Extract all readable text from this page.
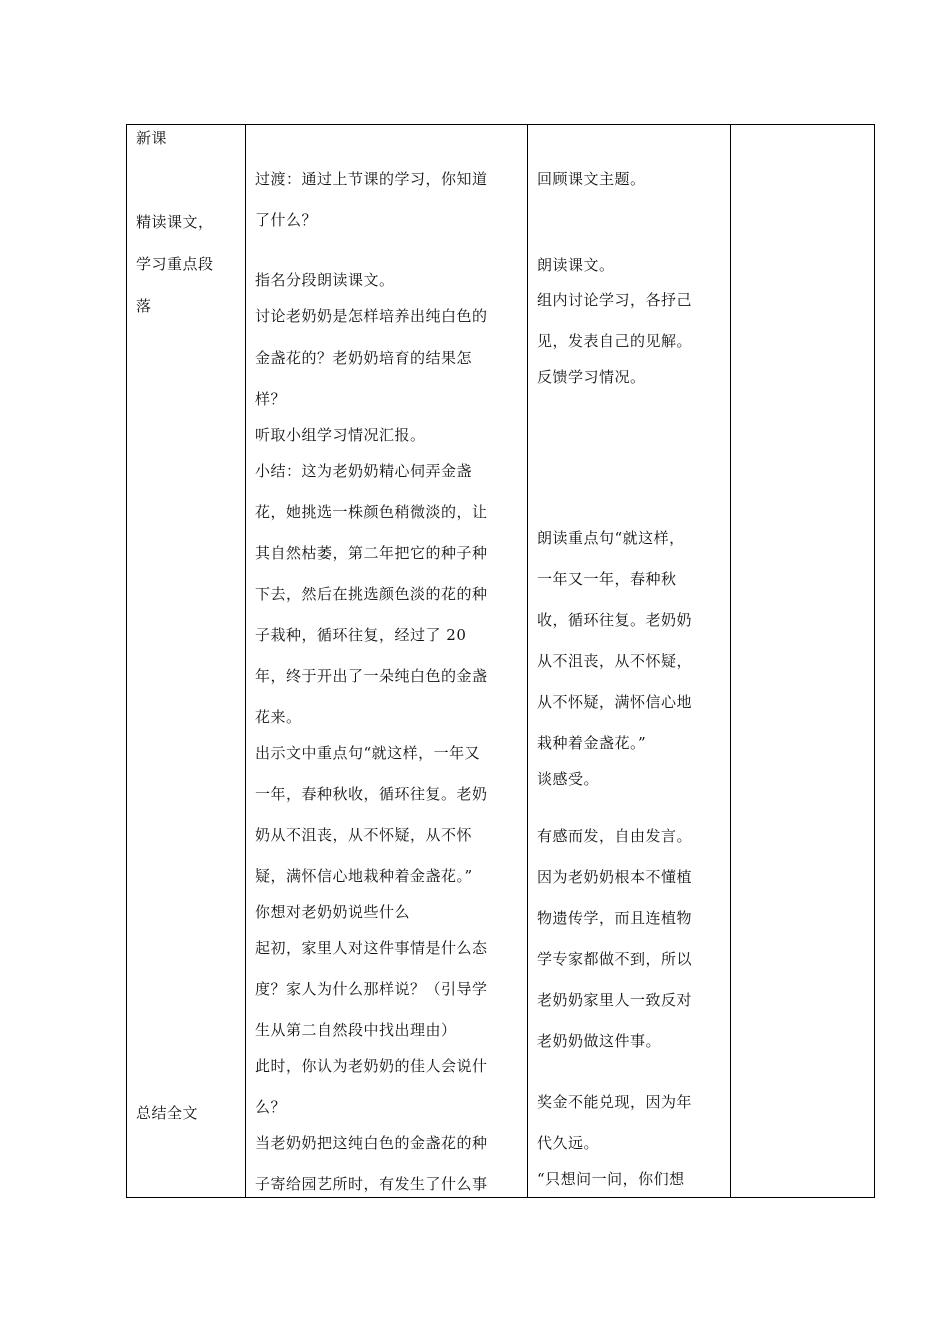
新课
精读课文，
学习重点段
落
总结全文
过渡：通过上节课的学习，你知道
了什么？
指名分段朗读课文。
讨论老奶奶是怎样培养出纯白色的
金盏花的？老奶奶培育的结果怎
样？
听取小组学习情况汇报。
小结：这为老奶奶精心伺弄金盏
花，她挑选一株颜色稍微淡的，让
其自然枯萎，第二年把它的种子种
下去，然后在挑选颜色淡的花的种
子栽种，循环往复，经过了 20
年，终于开出了一朵纯白色的金盏
花来。
出示文中重点句“就这样，一年又
一年，春种秋收，循环往复。老奶
奶从不沮丧，从不怀疑，从不怀
疑，满怀信心地栽种着金盏花。”
你想对老奶奶说些什么
起初，家里人对这件事情是什么态
度？家人为什么那样说？（引导学
生从第二自然段中找出理由）
此时，你认为老奶奶的佳人会说什
么？
当老奶奶把这纯白色的金盏花的种
子寄给园艺所时，有发生了什么事
回顾课文主题。
朗读课文。
组内讨论学习，各抒己
见，发表自己的见解。
反馈学习情况。
朗读重点句“就这样，
一年又一年，春种秋
收，循环往复。老奶奶
从不沮丧，从不怀疑，
从不怀疑，满怀信心地
栽种着金盏花。”
谈感受。
有感而发，自由发言。
因为老奶奶根本不懂植
物遗传学，而且连植物
学专家都做不到，所以
老奶奶家里人一致反对
老奶奶做这件事。
奖金不能兑现，因为年
代久远。
“只想问一问，你们想
